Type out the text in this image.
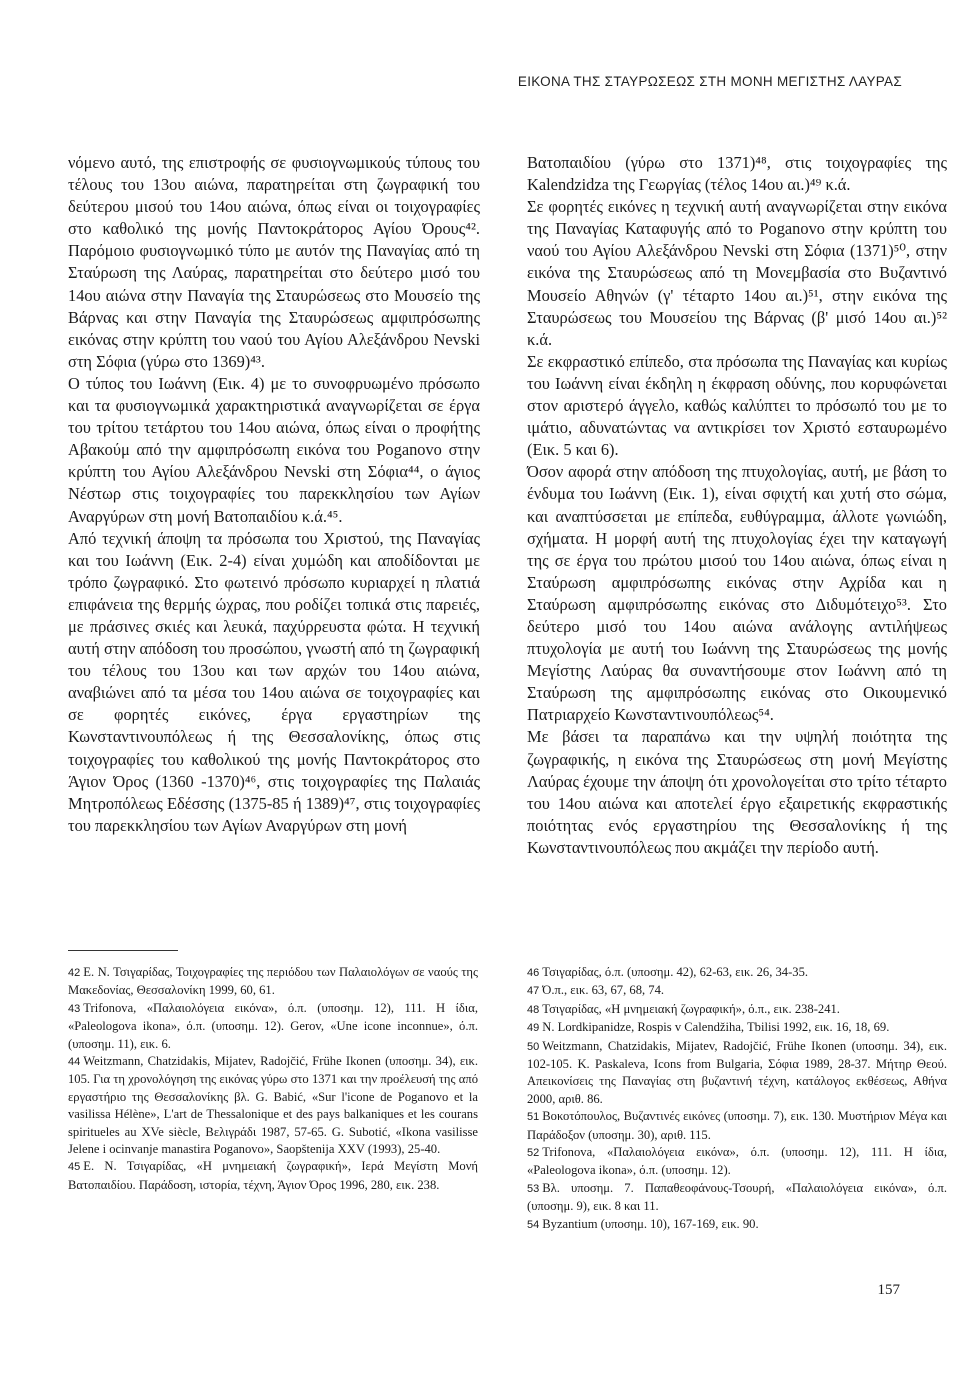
ΕΙΚΟΝΑ ΤΗΣ ΣΤΑΥΡΩΣΕΩΣ ΣΤΗ ΜΟΝΗ ΜΕΓΙΣΤΗΣ ΛΑΥΡΑΣ

νόμενο αυτό, της επιστροφής σε φυσιογνωμικούς τύπους του τέλους του 13ου αιώνα, παρατηρείται στη ζωγραφική του δεύτερου μισού του 14ου αιώνα, όπως είναι οι τοιχογραφίες στο καθολικό της μονής Παντοκράτορος Αγίου Όρους⁴². Παρόμοιο φυσιογνωμικό τύπο με αυτόν της Παναγίας από τη Σταύρωση της Λαύρας, παρατηρείται στο δεύτερο μισό του 14ου αιώνα στην Παναγία της Σταυρώσεως στο Μουσείο της Βάρνας και στην Παναγία της Σταυρώσεως αμφιπρόσωπης εικόνας στην κρύπτη του ναού του Αγίου Αλεξάνδρου Nevski στη Σόφια (γύρω στο 1369)⁴³.

Ο τύπος του Ιωάννη (Εικ. 4) με το συνοφρυωμένο πρόσωπο και τα φυσιογνωμικά χαρακτηριστικά αναγνωρίζεται σε έργα του τρίτου τετάρτου του 14ου αιώνα, όπως είναι ο προφήτης Αβακούμ από την αμφιπρόσωπη εικόνα του Poganovo στην κρύπτη του Αγίου Αλεξάνδρου Nevski στη Σόφια⁴⁴, ο άγιος Νέστωρ στις τοιχογραφίες του παρεκκλησίου των Αγίων Αναργύρων στη μονή Βατοπαιδίου κ.ά.⁴⁵.

Από τεχνική άποψη τα πρόσωπα του Χριστού, της Παναγίας και του Ιωάννη (Εικ. 2-4) είναι χυμώδη και αποδίδονται με τρόπο ζωγραφικό. Στο φωτεινό πρόσωπο κυριαρχεί η πλατιά επιφάνεια της θερμής ώχρας, που ροδίζει τοπικά στις παρειές, με πράσινες σκιές και λευκά, παχύρρευστα φώτα. Η τεχνική αυτή στην απόδοση του προσώπου, γνωστή από τη ζωγραφική του τέλους του 13ου και των αρχών του 14ου αιώνα, αναβιώνει από τα μέσα του 14ου αιώνα σε τοιχογραφίες και σε φορητές εικόνες, έργα εργαστηρίων της Κωνσταντινουπόλεως ή της Θεσσαλονίκης, όπως στις τοιχογραφίες του καθολικού της μονής Παντοκράτορος στο Άγιον Όρος (1360 -1370)⁴⁶, στις τοιχογραφίες της Παλαιάς Μητροπόλεως Εδέσσης (1375-85 ή 1389)⁴⁷, στις τοιχογραφίες του παρεκκλησίου των Αγίων Αναργύρων στη μονή

Βατοπαιδίου (γύρω στο 1371)⁴⁸, στις τοιχογραφίες της Kalendzidza της Γεωργίας (τέλος 14ου αι.)⁴⁹ κ.ά.

Σε φορητές εικόνες η τεχνική αυτή αναγνωρίζεται στην εικόνα της Παναγίας Καταφυγής από το Poganovo στην κρύπτη του ναού του Αγίου Αλεξάνδρου Nevski στη Σόφια (1371)⁵⁰, στην εικόνα της Σταυρώσεως από τη Μονεμβασία στο Βυζαντινό Μουσείο Αθηνών (γ' τέταρτο 14ου αι.)⁵¹, στην εικόνα της Σταυρώσεως του Μουσείου της Βάρνας (β' μισό 14ου αι.)⁵² κ.ά.

Σε εκφραστικό επίπεδο, στα πρόσωπα της Παναγίας και κυρίως του Ιωάννη είναι έκδηλη η έκφραση οδύνης, που κορυφώνεται στον αριστερό άγγελο, καθώς καλύπτει το πρόσωπό του με το ιμάτιο, αδυνατώντας να αντικρίσει τον Χριστό εσταυρωμένο (Εικ. 5 και 6).

Όσον αφορά στην απόδοση της πτυχολογίας, αυτή, με βάση το ένδυμα του Ιωάννη (Εικ. 1), είναι σφιχτή και χυτή στο σώμα, και αναπτύσσεται με επίπεδα, ευθύγραμμα, άλλοτε γωνιώδη, σχήματα. Η μορφή αυτή της πτυχολογίας έχει την καταγωγή της σε έργα του πρώτου μισού του 14ου αιώνα, όπως είναι η Σταύρωση αμφιπρόσωπης εικόνας στην Αχρίδα και η Σταύρωση αμφιπρόσωπης εικόνας στο Διδυμότειχο⁵³. Στο δεύτερο μισό του 14ου αιώνα ανάλογης αντιλήψεως πτυχολογία με αυτή του Ιωάννη της Σταυρώσεως της μονής Μεγίστης Λαύρας θα συναντήσουμε στον Ιωάννη από τη Σταύρωση της αμφιπρόσωπης εικόνας στο Οικουμενικό Πατριαρχείο Κωνσταντινουπόλεως⁵⁴.

Με βάσει τα παραπάνω και την υψηλή ποιότητα της ζωγραφικής, η εικόνα της Σταυρώσεως στη μονή Μεγίστης Λαύρας έχουμε την άποψη ότι χρονολογείται στο τρίτο τέταρτο του 14ου αιώνα και αποτελεί έργο εξαιρετικής εκφραστικής ποιότητας ενός εργαστηρίου της Θεσσαλονίκης ή της Κωνσταντινουπόλεως που ακμάζει την περίοδο αυτή.

42 Ε. Ν. Τσιγαρίδας, Τοιχογραφίες της περιόδου των Παλαιολόγων σε ναούς της Μακεδονίας, Θεσσαλονίκη 1999, 60, 61.

43 Trifonova, «Παλαιολόγεια εικόνα», ό.π. (υποσημ. 12), 111. Η ίδια, «Paleologova ikona», ό.π. (υποσημ. 12). Gerov, «Une icone inconnue», ό.π. (υποσημ. 11), εικ. 6.

44 Weitzmann, Chatzidakis, Mijatev, Radojčić, Frühe Ikonen (υποσημ. 34), εικ. 105. Για τη χρονολόγηση της εικόνας γύρω στο 1371 και την προέλευσή της από εργαστήριο της Θεσσαλονίκης βλ. G. Babić, «Sur l'icone de Poganovo et la vasilissa Hélène», L'art de Thessalonique et des pays balkaniques et les courans spiritueles au XVe siècle, Βελιγράδι 1987, 57-65. G. Subotić, «Ikona vasilisse Jelene i ocinvanje manastira Poganovo», Saopštenija XXV (1993), 25-40.

45 Ε. Ν. Τσιγαρίδας, «Η μνημειακή ζωγραφική», Ιερά Μεγίστη Μονή Βατοπαιδίου. Παράδοση, ιστορία, τέχνη, Άγιον Όρος 1996, 280, εικ. 238.

46 Τσιγαρίδας, ό.π. (υποσημ. 42), 62-63, εικ. 26, 34-35.

47 Ό.π., εικ. 63, 67, 68, 74.

48 Τσιγαρίδας, «Η μνημειακή ζωγραφική», ό.π., εικ. 238-241.

49 N. Lordkipanidze, Rospis v Calendžiha, Tbilisi 1992, εικ. 16, 18, 69.

50 Weitzmann, Chatzidakis, Mijatev, Radojčić, Frühe Ikonen (υποσημ. 34), εικ. 102-105. K. Paskaleva, Icons from Bulgaria, Σόφια 1989, 28-37. Μήτηρ Θεού. Απεικονίσεις της Παναγίας στη βυζαντινή τέχνη, κατάλογος εκθέσεως, Αθήνα 2000, αριθ. 86.

51 Βοκοτόπουλος, Βυζαντινές εικόνες (υποσημ. 7), εικ. 130. Μυστήριον Μέγα και Παράδοξον (υποσημ. 30), αριθ. 115.

52 Trifonova, «Παλαιολόγεια εικόνα», ό.π. (υποσημ. 12), 111. Η ίδια, «Paleologova ikona», ό.π. (υποσημ. 12).

53 Βλ. υποσημ. 7. Παπαθεοφάνους-Τσουρή, «Παλαιολόγεια εικόνα», ό.π. (υποσημ. 9), εικ. 8 και 11.

54 Byzantium (υποσημ. 10), 167-169, εικ. 90.

157
